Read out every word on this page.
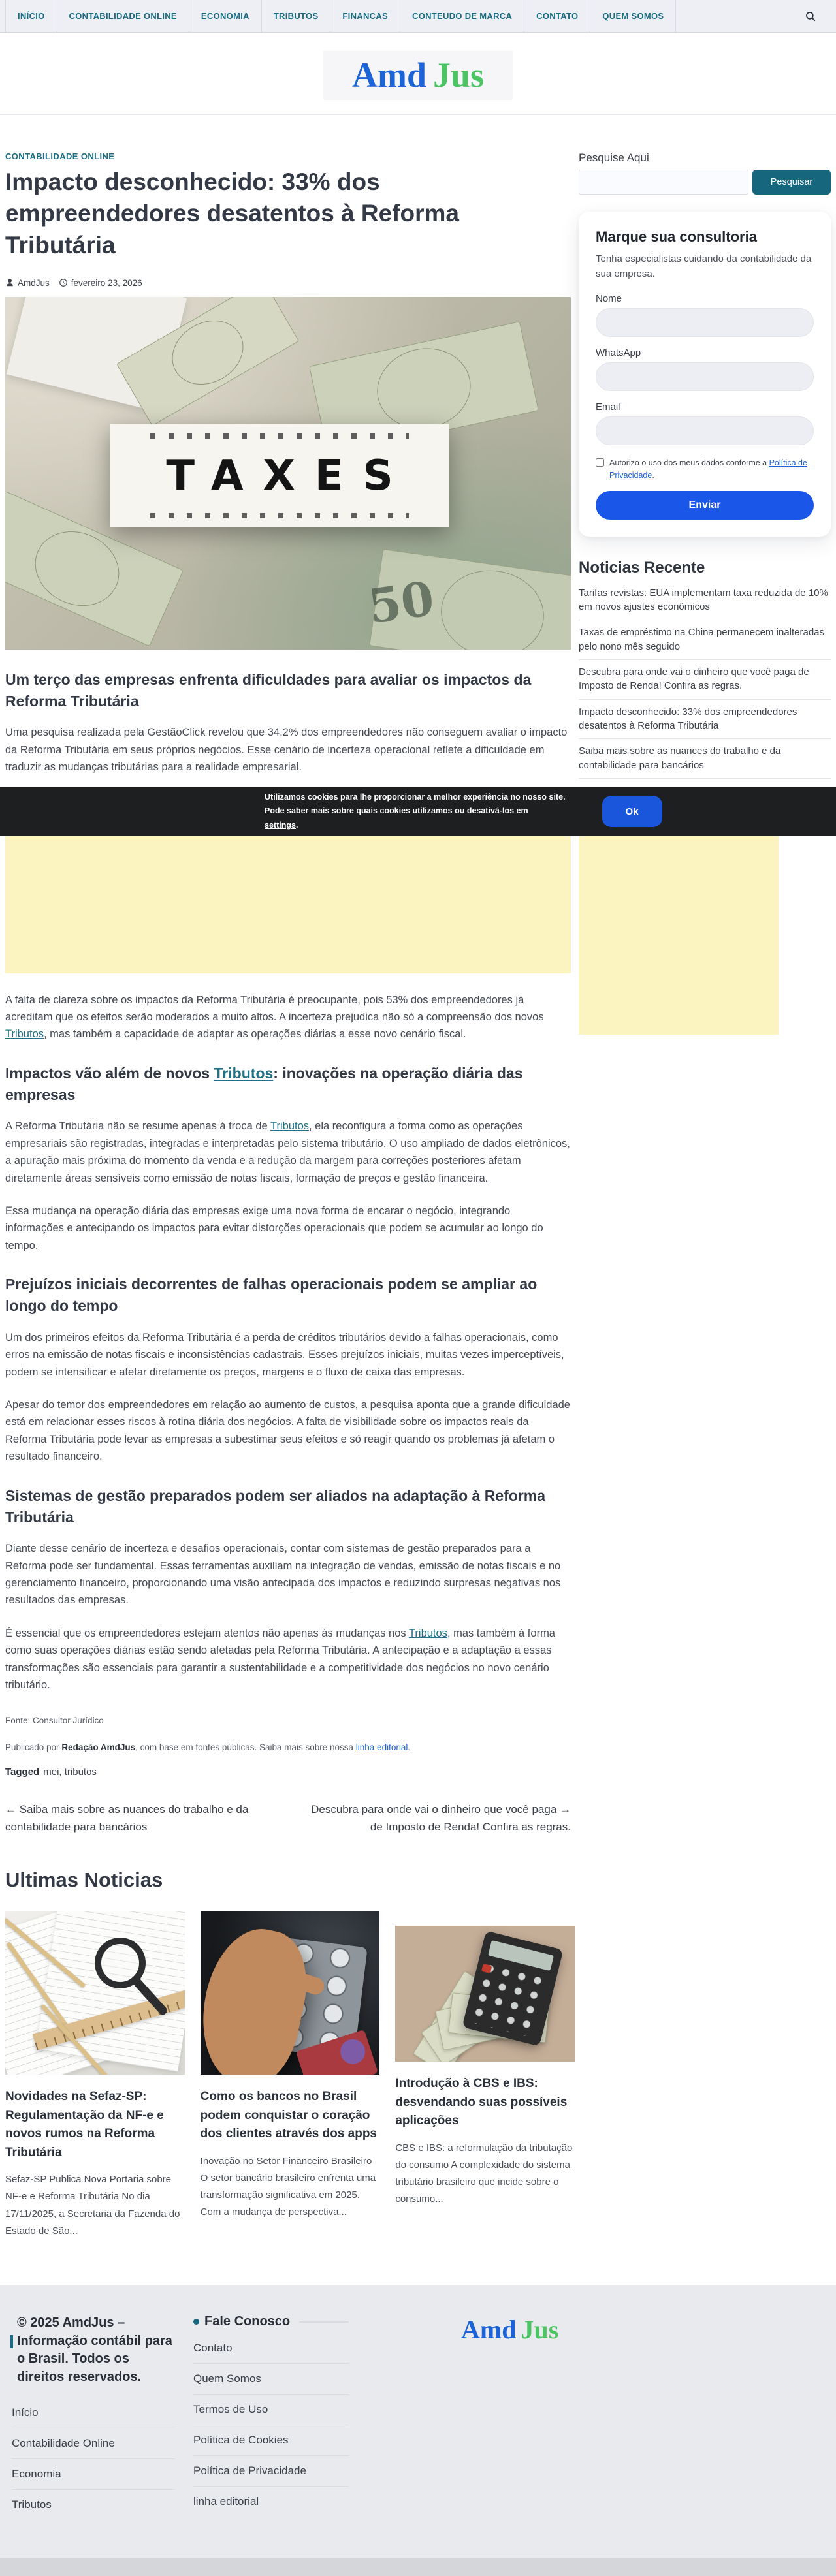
INÍCIO	CONTABILIDADE ONLINE	ECONOMIA	TRIBUTOS	FINANCAS	CONTEUDO DE MARCA	CONTATO	QUEM SOMOS
Amd Jus
CONTABILIDADE ONLINE
Impacto desconhecido: 33% dos empreendedores desatentos à Reforma Tributária
AmdJus fevereiro 23, 2026
50
TAXES
Um terço das empresas enfrenta dificuldades para avaliar os impactos da Reforma Tributária

Uma pesquisa realizada pela GestãoClick revelou que 34,2% dos empreendedores não conseguem avaliar o impacto da Reforma Tributária em seus próprios negócios. Esse cenário de incerteza operacional reflete a dificuldade em traduzir as mudanças tributárias para a realidade empresarial.

A falta de clareza sobre os impactos da Reforma Tributária é preocupante, pois 53% dos empreendedores já acreditam que os efeitos serão moderados a muito altos. A incerteza prejudica não só a compreensão dos novos Tributos, mas também a capacidade de adaptar as operações diárias a esse novo cenário fiscal.

Impactos vão além de novos Tributos: inovações na operação diária das empresas

A Reforma Tributária não se resume apenas à troca de Tributos, ela reconfigura a forma como as operações empresariais são registradas, integradas e interpretadas pelo sistema tributário. O uso ampliado de dados eletrônicos, a apuração mais próxima do momento da venda e a redução da margem para correções posteriores afetam diretamente áreas sensíveis como emissão de notas fiscais, formação de preços e gestão financeira.

Essa mudança na operação diária das empresas exige uma nova forma de encarar o negócio, integrando informações e antecipando os impactos para evitar distorções operacionais que podem se acumular ao longo do tempo.

Prejuízos iniciais decorrentes de falhas operacionais podem se ampliar ao longo do tempo

Um dos primeiros efeitos da Reforma Tributária é a perda de créditos tributários devido a falhas operacionais, como erros na emissão de notas fiscais e inconsistências cadastrais. Esses prejuízos iniciais, muitas vezes imperceptíveis, podem se intensificar e afetar diretamente os preços, margens e o fluxo de caixa das empresas.

Apesar do temor dos empreendedores em relação ao aumento de custos, a pesquisa aponta que a grande dificuldade está em relacionar esses riscos à rotina diária dos negócios. A falta de visibilidade sobre os impactos reais da Reforma Tributária pode levar as empresas a subestimar seus efeitos e só reagir quando os problemas já afetam o resultado financeiro.

Sistemas de gestão preparados podem ser aliados na adaptação à Reforma Tributária

Diante desse cenário de incerteza e desafios operacionais, contar com sistemas de gestão preparados para a Reforma pode ser fundamental. Essas ferramentas auxiliam na integração de vendas, emissão de notas fiscais e no gerenciamento financeiro, proporcionando uma visão antecipada dos impactos e reduzindo surpresas negativas nos resultados das empresas.

É essencial que os empreendedores estejam atentos não apenas às mudanças nos Tributos, mas também à forma como suas operações diárias estão sendo afetadas pela Reforma Tributária. A antecipação e a adaptação a essas transformações são essenciais para garantir a sustentabilidade e a competitividade dos negócios no novo cenário tributário.

Fonte: Consultor Jurídico
Publicado por Redação AmdJus, com base em fontes públicas. Saiba mais sobre nossa linha editorial.
Tagged mei, tributos
← Saiba mais sobre as nuances do trabalho e da contabilidade para bancários
Descubra para onde vai o dinheiro que você paga → de Imposto de Renda! Confira as regras.
Pesquise Aqui
Pesquisar
Marque sua consultoria
Tenha especialistas cuidando da contabilidade da sua empresa.
Nome
WhatsApp
Email
Autorizo o uso dos meus dados conforme a Política de Privacidade.
Enviar
Noticias Recente
Tarifas revistas: EUA implementam taxa reduzida de 10% em novos ajustes econômicos
Taxas de empréstimo na China permanecem inalteradas pelo nono mês seguido
Descubra para onde vai o dinheiro que você paga de Imposto de Renda! Confira as regras.
Impacto desconhecido: 33% dos empreendedores desatentos à Reforma Tributária
Saiba mais sobre as nuances do trabalho e da contabilidade para bancários
Ultimas Noticias
Novidades na Sefaz-SP: Regulamentação da NF-e e novos rumos na Reforma Tributária

Sefaz-SP Publica Nova Portaria sobre NF-e e Reforma Tributária No dia 17/11/2025, a Secretaria da Fazenda do Estado de São...

Como os bancos no Brasil podem conquistar o coração dos clientes através dos apps

Inovação no Setor Financeiro Brasileiro O setor bancário brasileiro enfrenta uma transformação significativa em 2025. Com a mudança de perspectiva...

Introdução à CBS e IBS: desvendando suas possíveis aplicações

CBS e IBS: a reformulação da tributação do consumo A complexidade do sistema tributário brasileiro que incide sobre o consumo...

© 2025 AmdJus – Informação contábil para o Brasil. Todos os direitos reservados.
Início
Contabilidade Online
Economia
Tributos
Fale Conosco
Contato
Quem Somos
Termos de Uso
Política de Cookies
Política de Privacidade
linha editorial
Amd Jus
Utilizamos cookies para lhe proporcionar a melhor experiência no nosso site.
Pode saber mais sobre quais cookies utilizamos ou desativá-los em
settings.
Ok
